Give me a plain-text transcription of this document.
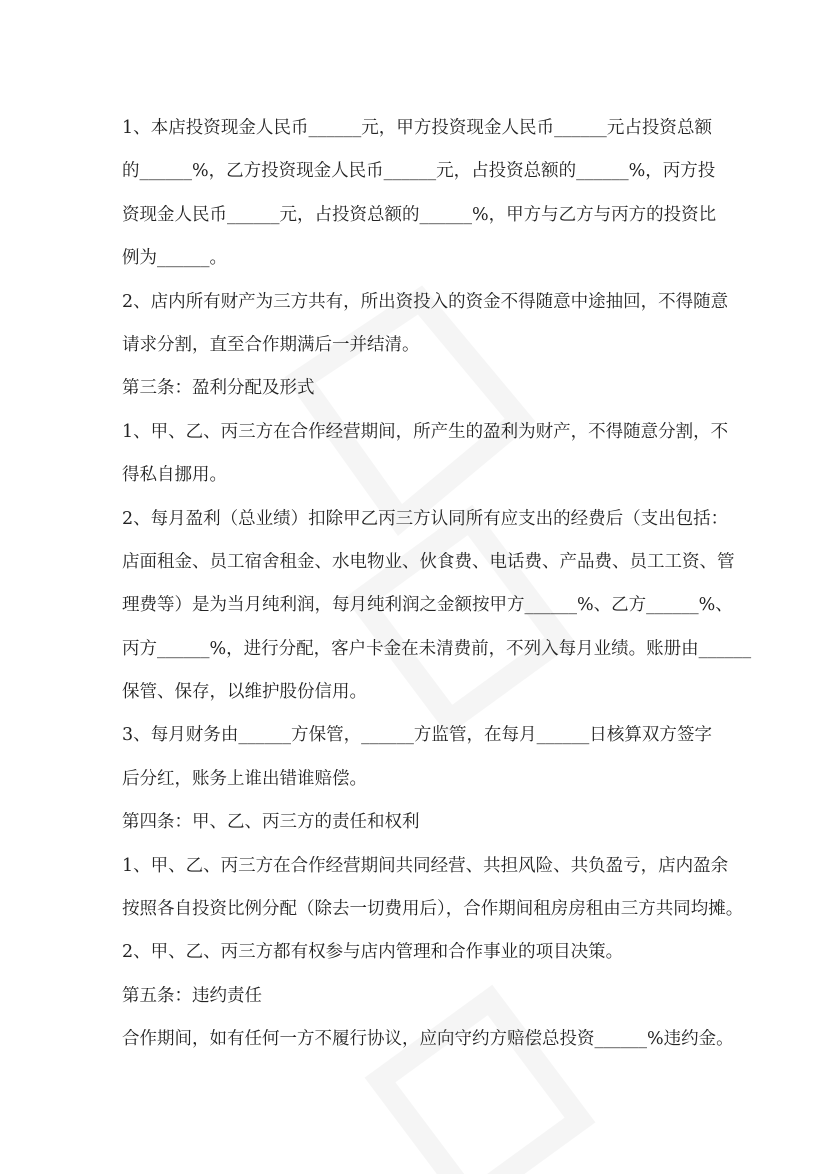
1、本店投资现金人民币______元，甲方投资现金人民币______元占投资总额
的______%，乙方投资现金人民币______元，占投资总额的______%，丙方投
资现金人民币______元，占投资总额的______%，甲方与乙方与丙方的投资比
例为______。
2、店内所有财产为三方共有，所出资投入的资金不得随意中途抽回，不得随意
请求分割，直至合作期满后一并结清。
第三条：盈利分配及形式
1、甲、乙、丙三方在合作经营期间，所产生的盈利为财产，不得随意分割，不
得私自挪用。
2、每月盈利（总业绩）扣除甲乙丙三方认同所有应支出的经费后（支出包括：
店面租金、员工宿舍租金、水电物业、伙食费、电话费、产品费、员工工资、管
理费等）是为当月纯利润，每月纯利润之金额按甲方______%、乙方______%、
丙方______%，进行分配，客户卡金在未清费前，不列入每月业绩。账册由______
保管、保存，以维护股份信用。
3、每月财务由______方保管，______方监管，在每月______日核算双方签字
后分红，账务上谁出错谁赔偿。
第四条：甲、乙、丙三方的责任和权利
1、甲、乙、丙三方在合作经营期间共同经营、共担风险、共负盈亏，店内盈余
按照各自投资比例分配（除去一切费用后），合作期间租房房租由三方共同均摊。
2、甲、乙、丙三方都有权参与店内管理和合作事业的项目决策。
第五条：违约责任
合作期间，如有任何一方不履行协议，应向守约方赔偿总投资______%违约金。
